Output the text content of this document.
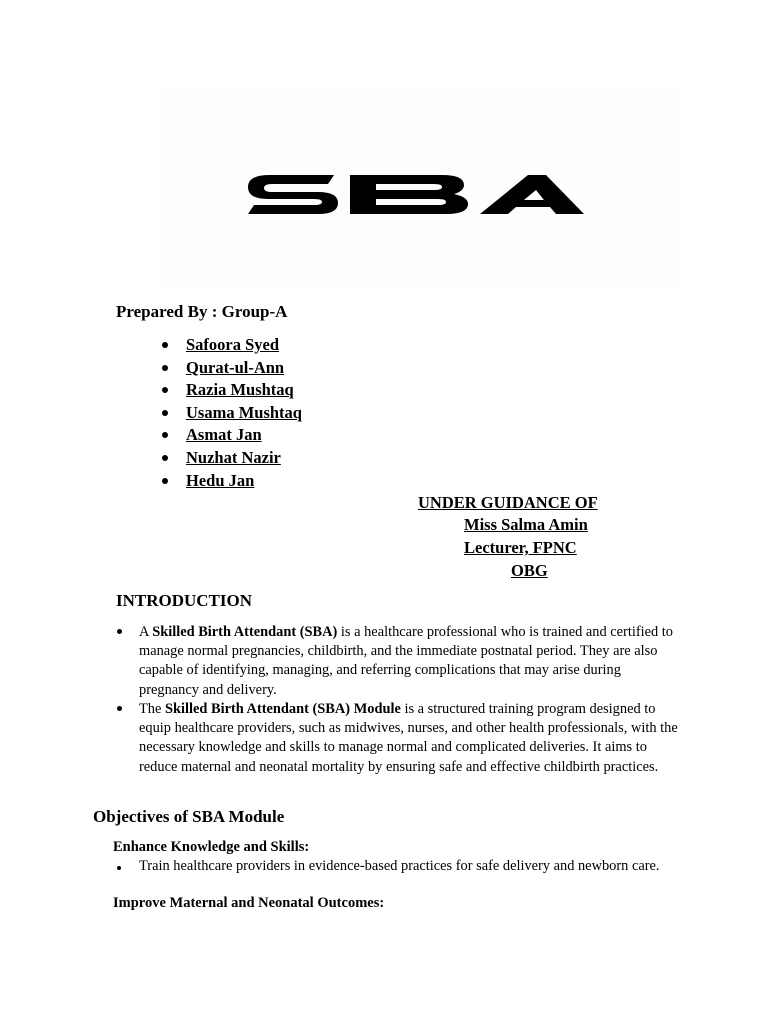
Prepared By : Group-A
Safoora Syed
Qurat-ul-Ann
Razia Mushtaq
Usama Mushtaq
Asmat Jan
Nuzhat Nazir
Hedu Jan
UNDER GUIDANCE OF
Miss Salma Amin
Lecturer, FPNC
OBG
INTRODUCTION
A Skilled Birth Attendant (SBA) is a healthcare professional who is trained and certified to manage normal pregnancies, childbirth, and the immediate postnatal period. They are also capable of identifying, managing, and referring complications that may arise during pregnancy and delivery.
The Skilled Birth Attendant (SBA) Module is a structured training program designed to equip healthcare providers, such as midwives, nurses, and other health professionals, with the necessary knowledge and skills to manage normal and complicated deliveries. It aims to reduce maternal and neonatal mortality by ensuring safe and effective childbirth practices.
Objectives of SBA Module
Enhance Knowledge and Skills:
Train healthcare providers in evidence-based practices for safe delivery and newborn care.
Improve Maternal and Neonatal Outcomes:
